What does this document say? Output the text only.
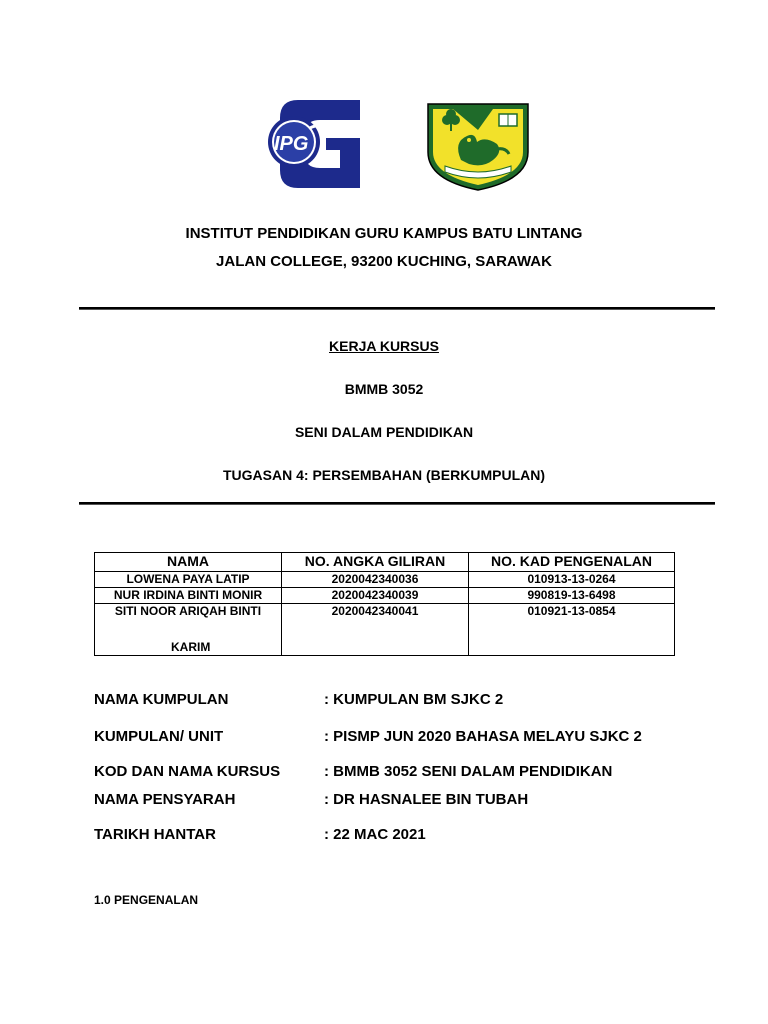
IPG
INSTITUT PENDIDIKAN GURU KAMPUS BATU LINTANG
JALAN COLLEGE, 93200 KUCHING, SARAWAK
KERJA KURSUS
BMMB 3052
SENI DALAM PENDIDIKAN
TUGASAN 4: PERSEMBAHAN (BERKUMPULAN)
NAMA	NO. ANGKA GILIRAN	NO. KAD PENGENALAN
LOWENA PAYA LATIP	2020042340036	010913-13-0264
NUR IRDINA BINTI MONIR	2020042340039	990819-13-6498

SITI NOOR ARIQAH BINTI
KARIM	2020042340041	010921-13-0854
NAMA KUMPULAN	: KUMPULAN BM SJKC 2
KUMPULAN/ UNIT	: PISMP JUN 2020 BAHASA MELAYU SJKC 2
KOD DAN NAMA KURSUS	: BMMB 3052 SENI DALAM PENDIDIKAN
NAMA PENSYARAH	: DR HASNALEE BIN TUBAH
TARIKH HANTAR	: 22 MAC 2021
1.0 PENGENALAN
